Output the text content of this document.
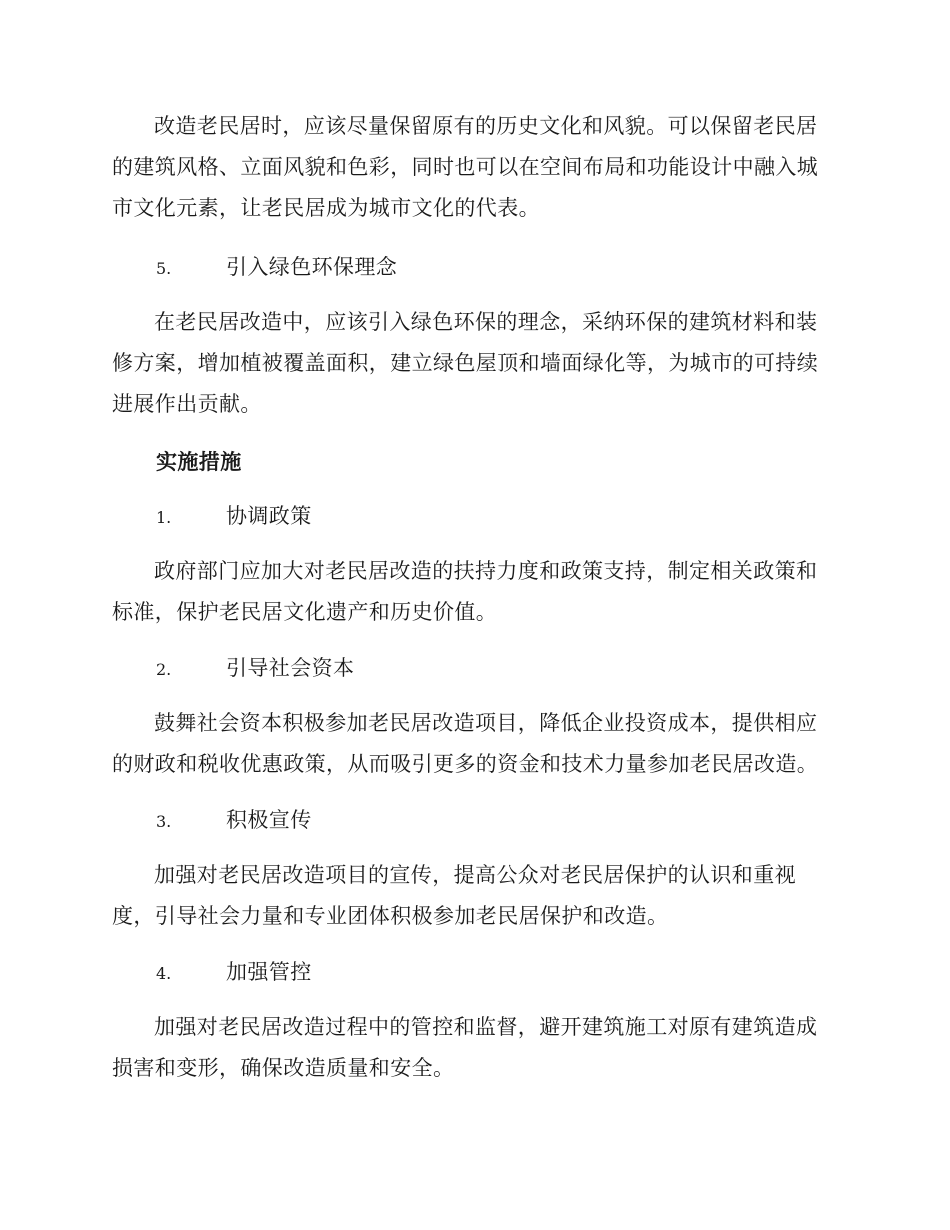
改造老民居时，应该尽量保留原有的历史文化和风貌。可以保留老民居的建筑风格、立面风貌和色彩，同时也可以在空间布局和功能设计中融入城市文化元素，让老民居成为城市文化的代表。

5.	引入绿色环保理念

在老民居改造中，应该引入绿色环保的理念，采纳环保的建筑材料和装修方案，增加植被覆盖面积，建立绿色屋顶和墙面绿化等，为城市的可持续进展作出贡献。

实施措施
1.	协调政策

政府部门应加大对老民居改造的扶持力度和政策支持，制定相关政策和标准，保护老民居文化遗产和历史价值。

2.	引导社会资本

鼓舞社会资本积极参加老民居改造项目，降低企业投资成本，提供相应的财政和税收优惠政策，从而吸引更多的资金和技术力量参加老民居改造。

3.	积极宣传

加强对老民居改造项目的宣传，提高公众对老民居保护的认识和重视度，引导社会力量和专业团体积极参加老民居保护和改造。

4.	加强管控

加强对老民居改造过程中的管控和监督，避开建筑施工对原有建筑造成损害和变形，确保改造质量和安全。
